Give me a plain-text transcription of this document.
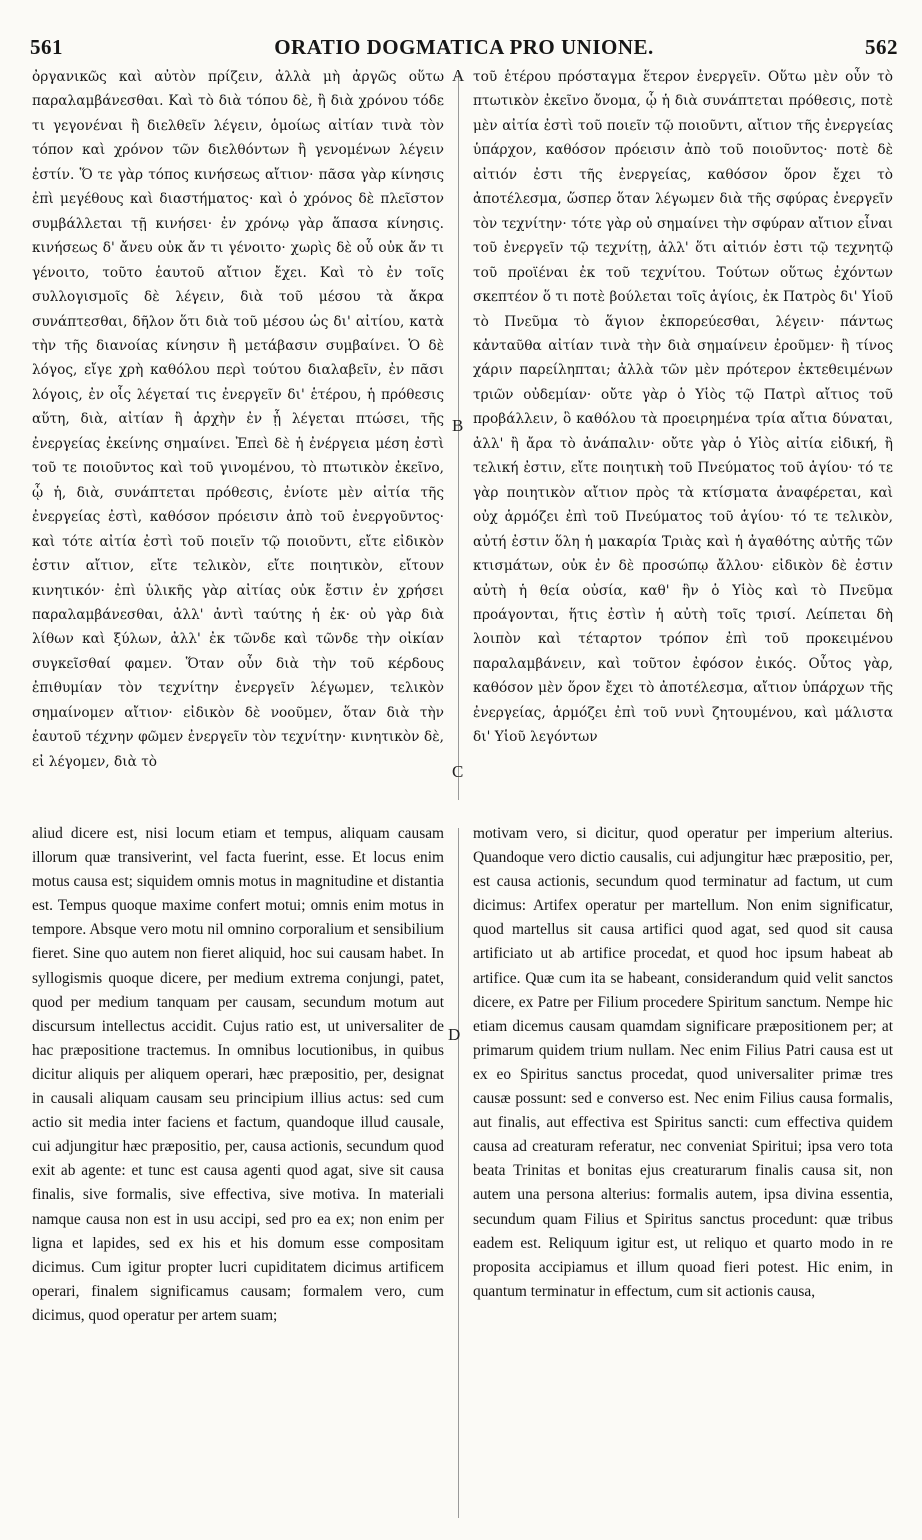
561	ORATIO DOGMATICA PRO UNIONE.	562
ὀργανικῶς καὶ αὐτὸν πρίζειν, ἀλλὰ μὴ ἀργῶς οὕτω παραλαμβάνεσθαι. Καὶ τὸ διὰ τόπου δὲ, ἢ διὰ χρόνου τόδε τι γεγονέναι ἢ διελθεῖν λέγειν, ὁμοίως αἰτίαν τινὰ τὸν τόπον καὶ χρόνον τῶν διελθόντων ἢ γενομένων λέγειν ἐστίν. Ὅ τε γὰρ τόπος κινήσεως αἴτιον· πᾶσα γὰρ κίνησις ἐπὶ μεγέθους καὶ διαστήματος· καὶ ὁ χρόνος δὲ πλεῖστον συμβάλλεται τῇ κινήσει· ἐν χρόνῳ γὰρ ἅπασα κίνησις. κινήσεως δ' ἄνευ οὐκ ἄν τι γένοιτο· χωρὶς δὲ οὗ οὐκ ἄν τι γένοιτο, τοῦτο ἑαυτοῦ αἴτιον ἔχει. Καὶ τὸ ἐν τοῖς συλλογισμοῖς δὲ λέγειν, διὰ τοῦ μέσου τὰ ἄκρα συνάπτεσθαι, δῆλον ὅτι διὰ τοῦ μέσου ὡς δι' αἰτίου, κατὰ τὴν τῆς διανοίας κίνησιν ἢ μετάβασιν συμβαίνει. Ὁ δὲ λόγος, εἴγε χρὴ καθόλου περὶ τούτου διαλαβεῖν, ἐν πᾶσι λόγοις, ἐν οἷς λέγεταί τις ἐνεργεῖν δι' ἑτέρου, ἡ πρόθεσις αὕτη, διὰ, αἰτίαν ἢ ἀρχὴν ἐν ᾗ λέγεται πτώσει, τῆς ἐνεργείας ἐκείνης σημαίνει. Ἐπεὶ δὲ ἡ ἐνέργεια μέση ἐστὶ τοῦ τε ποιοῦντος καὶ τοῦ γινομένου, τὸ πτωτικὸν ἐκεῖνο, ᾧ ἡ, διὰ, συνάπτεται πρόθεσις, ἐνίοτε μὲν αἰτία τῆς ἐνεργείας ἐστὶ, καθόσον πρόεισιν ἀπὸ τοῦ ἐνεργοῦντος· καὶ τότε αἰτία ἐστὶ τοῦ ποιεῖν τῷ ποιοῦντι, εἴτε εἰδικὸν ἐστιν αἴτιον, εἴτε τελικὸν, εἴτε ποιητικὸν, εἴτουν κινητικόν· ἐπὶ ὑλικῆς γὰρ αἰτίας οὐκ ἔστιν ἐν χρήσει παραλαμβάνεσθαι, ἀλλ' ἀντὶ ταύτης ἡ ἐκ· οὐ γὰρ διὰ λίθων καὶ ξύλων, ἀλλ' ἐκ τῶνδε καὶ τῶνδε τὴν οἰκίαν συγκεῖσθαί φαμεν. Ὅταν οὖν διὰ τὴν τοῦ κέρδους ἐπιθυμίαν τὸν τεχνίτην ἐνεργεῖν λέγωμεν, τελικὸν σημαίνομεν αἴτιον· εἰδικὸν δὲ νοοῦμεν, ὅταν διὰ τὴν ἑαυτοῦ τέχνην φῶμεν ἐνεργεῖν τὸν τεχνίτην· κινητικὸν δὲ, εἰ λέγομεν, διὰ τὸ
τοῦ ἑτέρου πρόσταγμα ἕτερον ἐνεργεῖν. Οὕτω μὲν οὖν τὸ πτωτικὸν ἐκεῖνο ὄνομα, ᾧ ἡ διὰ συνάπτεται πρόθεσις, ποτὲ μὲν αἰτία ἐστὶ τοῦ ποιεῖν τῷ ποιοῦντι, αἴτιον τῆς ἐνεργείας ὑπάρχον, καθόσον πρόεισιν ἀπὸ τοῦ ποιοῦντος· ποτὲ δὲ αἰτιόν ἐστι τῆς ἐνεργείας, καθόσον ὅρον ἔχει τὸ ἀποτέλεσμα, ὥσπερ ὅταν λέγωμεν διὰ τῆς σφύρας ἐνεργεῖν τὸν τεχνίτην· τότε γὰρ οὐ σημαίνει τὴν σφύραν αἴτιον εἶναι τοῦ ἐνεργεῖν τῷ τεχνίτῃ, ἀλλ' ὅτι αἰτιόν ἐστι τῷ τεχνητῷ τοῦ προϊέναι ἐκ τοῦ τεχνίτου. Τούτων οὕτως ἐχόντων σκεπτέον ὅ τι ποτὲ βούλεται τοῖς ἁγίοις, ἐκ Πατρὸς δι' Υἱοῦ τὸ Πνεῦμα τὸ ἅγιον ἐκπορεύεσθαι, λέγειν· πάντως κἀνταῦθα αἰτίαν τινὰ τὴν διὰ σημαίνειν ἐροῦμεν· ἢ τίνος χάριν παρείληπται; ἀλλὰ τῶν μὲν πρότερον ἐκτεθειμένων τριῶν οὐδεμίαν· οὔτε γὰρ ὁ Υἱὸς τῷ Πατρὶ αἴτιος τοῦ προβάλλειν, ὃ καθόλου τὰ προειρημένα τρία αἴτια δύναται, ἀλλ' ἢ ἄρα τὸ ἀνάπαλιν· οὔτε γὰρ ὁ Υἱὸς αἰτία εἰδική, ἢ τελική ἐστιν, εἴτε ποιητικὴ τοῦ Πνεύματος τοῦ ἁγίου· τό τε γὰρ ποιητικὸν αἴτιον πρὸς τὰ κτίσματα ἀναφέρεται, καὶ οὐχ ἁρμόζει ἐπὶ τοῦ Πνεύματος τοῦ ἁγίου· τό τε τελικὸν, αὐτή ἐστιν ὅλη ἡ μακαρία Τριὰς καὶ ἡ ἀγαθότης αὐτῆς τῶν κτισμάτων, οὐκ ἐν δὲ προσώπῳ ἄλλου· εἰδικὸν δὲ ἐστιν αὐτὴ ἡ θεία οὐσία, καθ' ἣν ὁ Υἱὸς καὶ τὸ Πνεῦμα προάγονται, ἥτις ἐστὶν ἡ αὐτὴ τοῖς τρισί. Λείπεται δὴ λοιπὸν καὶ τέταρτον τρόπον ἐπὶ τοῦ προκειμένου παραλαμβάνειν, καὶ τοῦτον ἐφόσον ἐικός. Οὗτος γὰρ, καθόσον μὲν ὅρον ἔχει τὸ ἀποτέλεσμα, αἴτιον ὑπάρχων τῆς ἐνεργείας, ἁρμόζει ἐπὶ τοῦ νυνὶ ζητουμένου, καὶ μάλιστα δι' Υἱοῦ λεγόντων
A
B
C
D
aliud dicere est, nisi locum etiam et tempus, aliquam causam illorum quæ transiverint, vel facta fuerint, esse. Et locus enim motus causa est; siquidem omnis motus in magnitudine et distantia est. Tempus quoque maxime confert motui; omnis enim motus in tempore. Absque vero motu nil omnino corporalium et sensibilium fieret. Sine quo autem non fieret aliquid, hoc sui causam habet. In syllogismis quoque dicere, per medium extrema conjungi, patet, quod per medium tanquam per causam, secundum motum aut discursum intellectus accidit. Cujus ratio est, ut universaliter de hac præpositione tractemus. In omnibus locutionibus, in quibus dicitur aliquis per aliquem operari, hæc præpositio, per, designat in causali aliquam causam seu principium illius actus: sed cum actio sit media inter faciens et factum, quandoque illud causale, cui adjungitur hæc præpositio, per, causa actionis, secundum quod exit ab agente: et tunc est causa agenti quod agat, sive sit causa finalis, sive formalis, sive effectiva, sive motiva. In materiali namque causa non est in usu accipi, sed pro ea ex; non enim per ligna et lapides, sed ex his et his domum esse compositam dicimus. Cum igitur propter lucri cupiditatem dicimus artificem operari, finalem significamus causam; formalem vero, cum dicimus, quod operatur per artem suam;
motivam vero, si dicitur, quod operatur per imperium alterius. Quandoque vero dictio causalis, cui adjungitur hæc præpositio, per, est causa actionis, secundum quod terminatur ad factum, ut cum dicimus: Artifex operatur per martellum. Non enim significatur, quod martellus sit causa artifici quod agat, sed quod sit causa artificiato ut ab artifice procedat, et quod hoc ipsum habeat ab artifice. Quæ cum ita se habeant, considerandum quid velit sanctos dicere, ex Patre per Filium procedere Spiritum sanctum. Nempe hic etiam dicemus causam quamdam significare præpositionem per; at primarum quidem trium nullam. Nec enim Filius Patri causa est ut ex eo Spiritus sanctus procedat, quod universaliter primæ tres causæ possunt: sed e converso est. Nec enim Filius causa formalis, aut finalis, aut effectiva est Spiritus sancti: cum effectiva quidem causa ad creaturam referatur, nec conveniat Spiritui; ipsa vero tota beata Trinitas et bonitas ejus creaturarum finalis causa sit, non autem una persona alterius: formalis autem, ipsa divina essentia, secundum quam Filius et Spiritus sanctus procedunt: quæ tribus eadem est. Reliquum igitur est, ut reliquo et quarto modo in re proposita accipiamus et illum quoad fieri potest. Hic enim, in quantum terminatur in effectum, cum sit actionis causa,
